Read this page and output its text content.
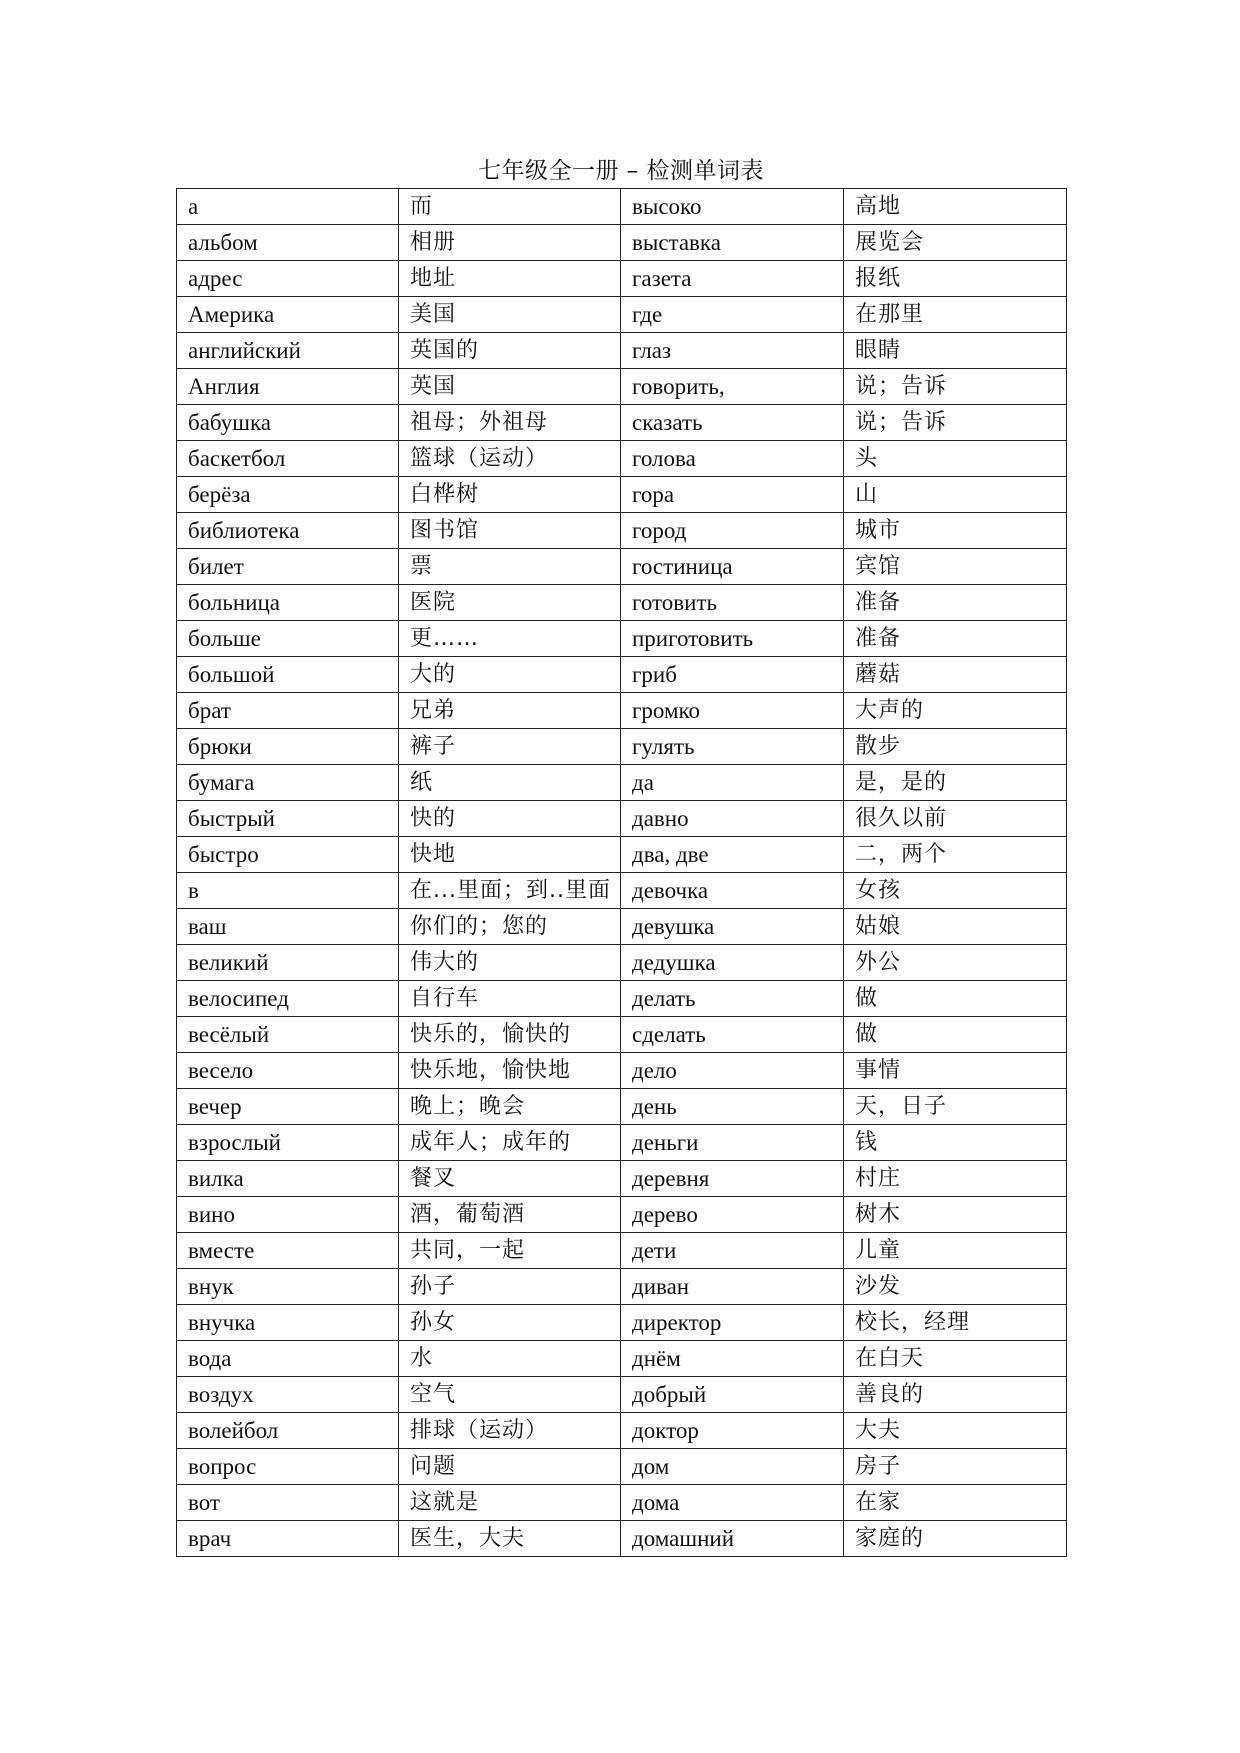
七年级全一册 – 检测单词表
а	而	высоко	高地
альбом	相册	выставка	展览会
адрес	地址	газета	报纸
Америка	美国	где	在那里
английский	英国的	глаз	眼睛
Англия	英国	говорить,	说；告诉
бабушка	祖母；外祖母	сказать	说；告诉
баскетбол	篮球（运动）	голова	头
берёза	白桦树	гора	山
библиотека	图书馆	город	城市
билет	票	гостиница	宾馆
больница	医院	готовить	准备
больше	更……	приготовить	准备
большой	大的	гриб	蘑菇
брат	兄弟	громко	大声的
брюки	裤子	гулять	散步
бумага	纸	да	是，是的
быстрый	快的	давно	很久以前
быстро	快地	два, две	二，两个
в	在...里面；到..里面	девочка	女孩
ваш	你们的；您的	девушка	姑娘
великий	伟大的	дедушка	外公
велосипед	自行车	делать	做
весёлый	快乐的，愉快的	сделать	做
весело	快乐地，愉快地	дело	事情
вечер	晚上；晚会	день	天，日子
взрослый	成年人；成年的	деньги	钱
вилка	餐叉	деревня	村庄
вино	酒，葡萄酒	дерево	树木
вместе	共同，一起	дети	儿童
внук	孙子	диван	沙发
внучка	孙女	директор	校长，经理
вода	水	днём	在白天
воздух	空气	добрый	善良的
волейбол	排球（运动）	доктор	大夫
вопрос	问题	дом	房子
вот	这就是	дома	在家
врач	医生，大夫	домашний	家庭的
